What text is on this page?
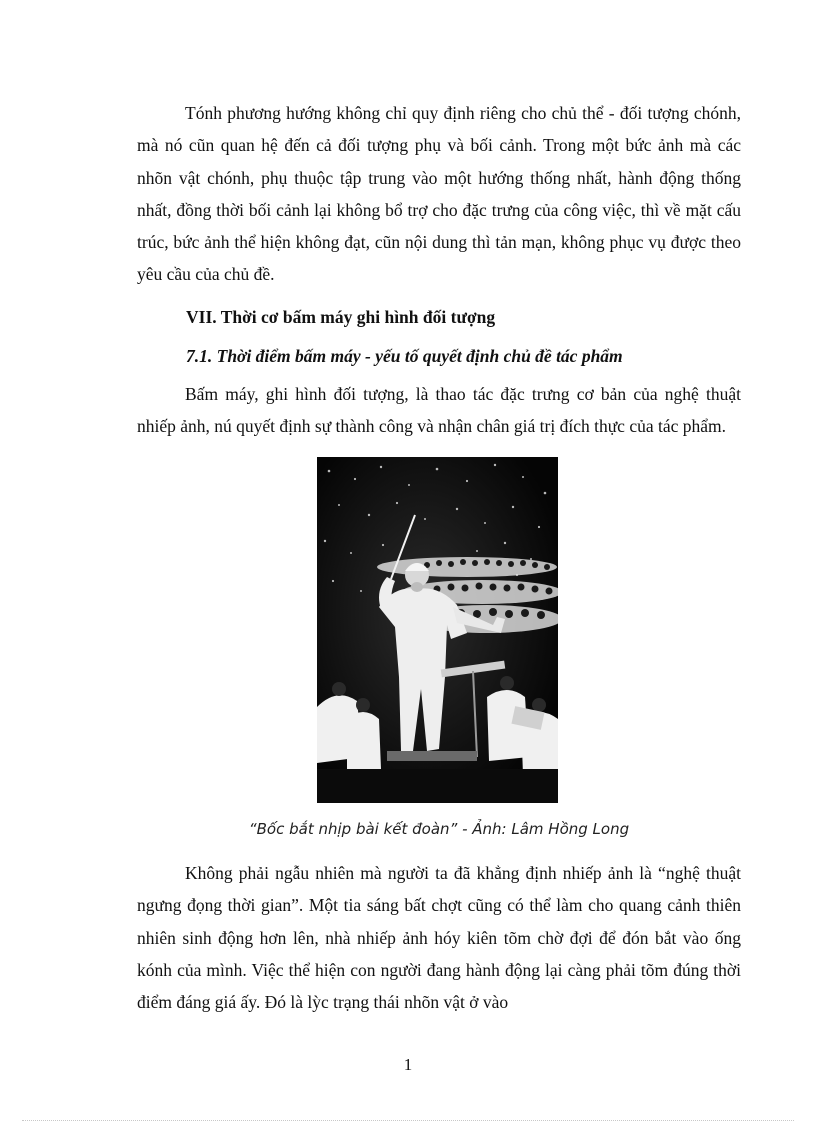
Tónh phương hướng không chỉ quy định riêng cho chủ thể - đối tượng chónh, mà nó cũn quan hệ đến cả đối tượng phụ và bối cảnh. Trong một bức ảnh mà các nhõn vật chónh, phụ thuộc tập trung vào một hướng thống nhất, hành động thống nhất, đồng thời bối cảnh lại không bổ trợ cho đặc trưng của công việc, thì về mặt cấu trúc, bức ảnh thể hiện không đạt, cũn nội dung thì tản mạn, không phục vụ được theo yêu cầu của chủ đề.

VII. Thời cơ bấm máy ghi hình đối tượng

7.1. Thời điểm bấm máy - yếu tố quyết định chủ đề tác phẩm

Bấm máy, ghi hình đối tượng, là thao tác đặc trưng cơ bản của nghệ thuật nhiếp ảnh, nú quyết định sự thành công và nhận chân giá trị đích thực của tác phẩm.

“Bốc bắt nhịp bài kết đoàn” - Ảnh: Lâm Hồng Long

Không phải ngẫu nhiên mà người ta đã khẳng định nhiếp ảnh là “nghệ thuật ngưng đọng thời gian”. Một tia sáng bất chợt cũng có thể làm cho quang cảnh thiên nhiên sinh động hơn lên, nhà nhiếp ảnh hóy kiên tõm chờ đợi để đón bắt vào ống kónh của mình. Việc thể hiện con người đang hành động lại càng phải tõm đúng thời điểm đáng giá ấy. Đó là lỳc trạng thái nhõn vật ở vào

1
